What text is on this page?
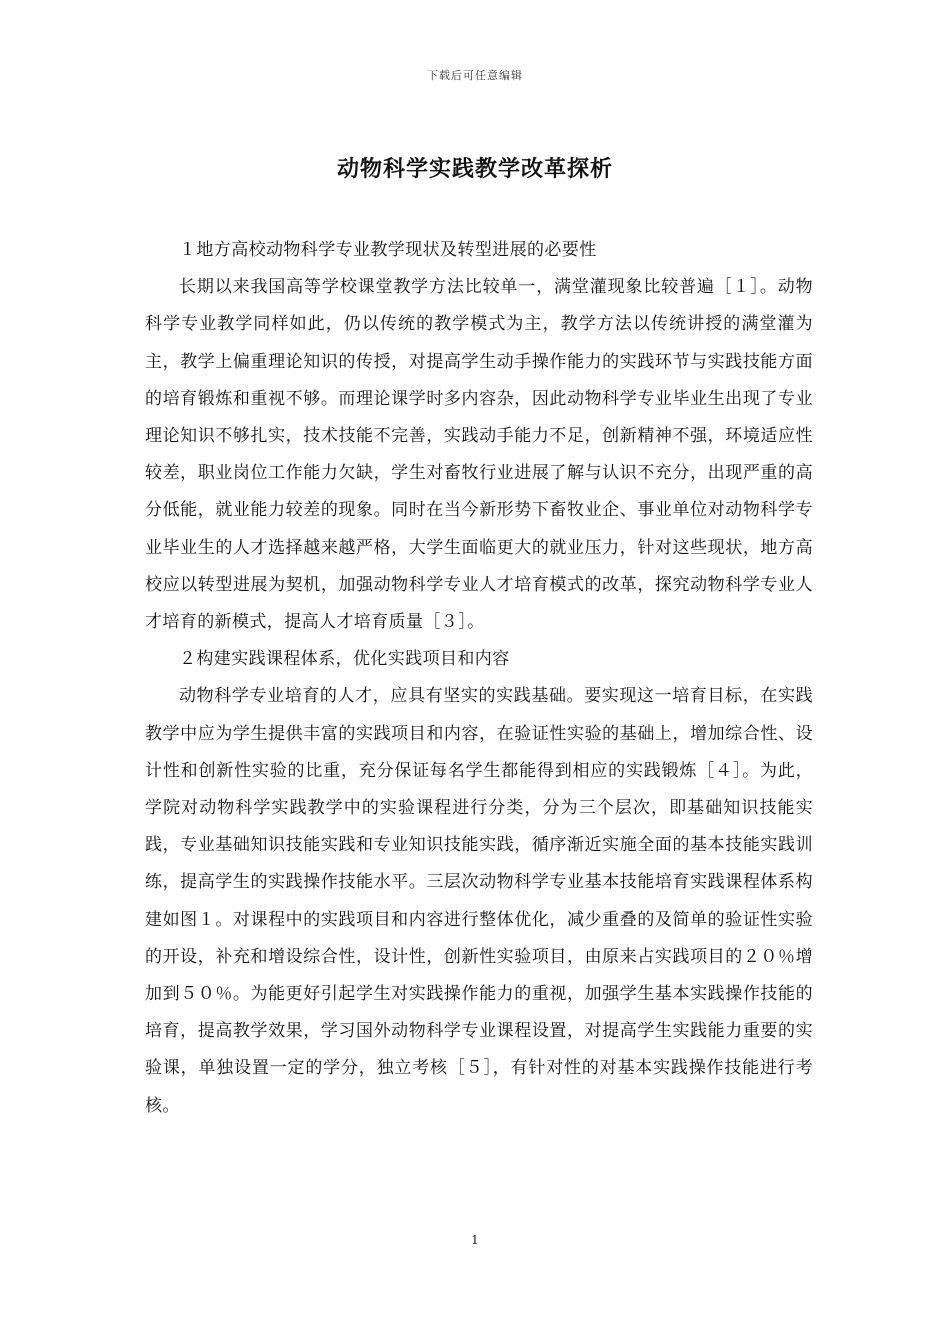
下载后可任意编辑
动物科学实践教学改革探析

１地方高校动物科学专业教学现状及转型进展的必要性

长期以来我国高等学校课堂教学方法比较单一，满堂灌现象比较普遍［１］。动物科学专业教学同样如此，仍以传统的教学模式为主，教学方法以传统讲授的满堂灌为主，教学上偏重理论知识的传授，对提高学生动手操作能力的实践环节与实践技能方面的培育锻炼和重视不够。而理论课学时多内容杂，因此动物科学专业毕业生出现了专业理论知识不够扎实，技术技能不完善，实践动手能力不足，创新精神不强，环境适应性较差，职业岗位工作能力欠缺，学生对畜牧行业进展了解与认识不充分，出现严重的高分低能，就业能力较差的现象。同时在当今新形势下畜牧业企、事业单位对动物科学专业毕业生的人才选择越来越严格，大学生面临更大的就业压力，针对这些现状，地方高校应以转型进展为契机，加强动物科学专业人才培育模式的改革，探究动物科学专业人才培育的新模式，提高人才培育质量［３］。

２构建实践课程体系，优化实践项目和内容

动物科学专业培育的人才，应具有坚实的实践基础。要实现这一培育目标，在实践教学中应为学生提供丰富的实践项目和内容，在验证性实验的基础上，增加综合性、设计性和创新性实验的比重，充分保证每名学生都能得到相应的实践锻炼［４］。为此，学院对动物科学实践教学中的实验课程进行分类，分为三个层次，即基础知识技能实践，专业基础知识技能实践和专业知识技能实践，循序渐近实施全面的基本技能实践训练，提高学生的实践操作技能水平。三层次动物科学专业基本技能培育实践课程体系构建如图１。对课程中的实践项目和内容进行整体优化，减少重叠的及简单的验证性实验的开设，补充和增设综合性，设计性，创新性实验项目，由原来占实践项目的２０％增加到５０％。为能更好引起学生对实践操作能力的重视，加强学生基本实践操作技能的培育，提高教学效果，学习国外动物科学专业课程设置，对提高学生实践能力重要的实验课，单独设置一定的学分，独立考核［５］，有针对性的对基本实践操作技能进行考核。

1
